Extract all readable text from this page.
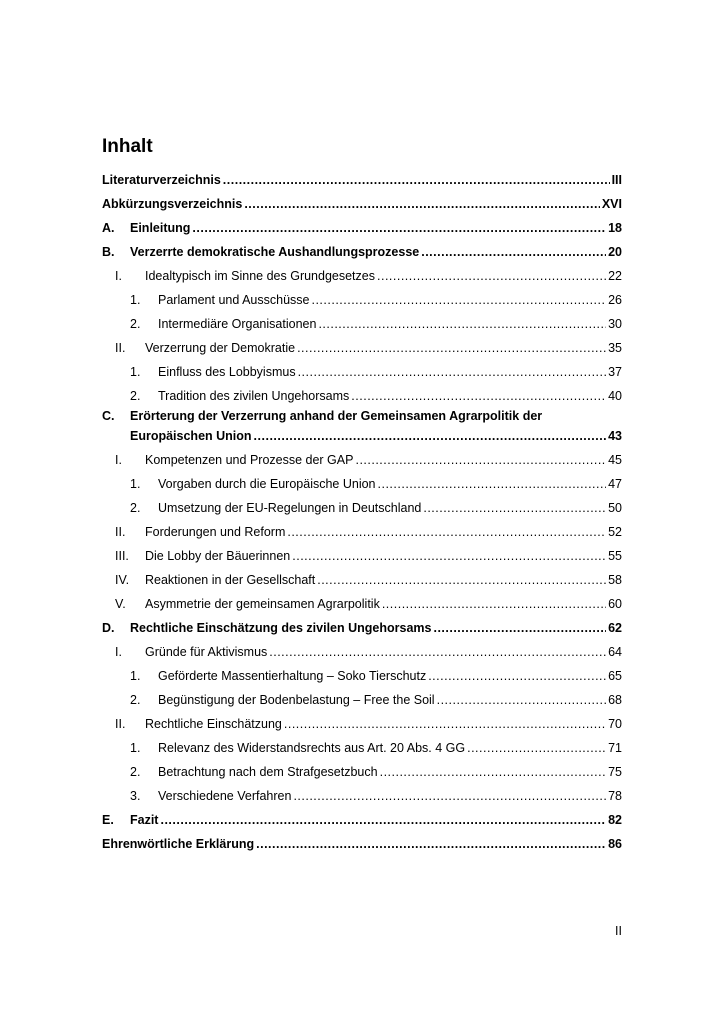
Inhalt
Literaturverzeichnis .....	III
Abkürzungsverzeichnis .....	XVI
A.	Einleitung .....	18
B.	Verzerrte demokratische Aushandlungsprozesse .....	20
I.	Idealtypisch im Sinne des Grundgesetzes .....	22
1.	Parlament und Ausschüsse .....	26
2.	Intermediäre Organisationen .....	30
II.	Verzerrung der Demokratie .....	35
1.	Einfluss des Lobbyismus .....	37
2.	Tradition des zivilen Ungehorsams .....	40
C. Erörterung der Verzerrung anhand der Gemeinsamen Agrarpolitik der
Europäischen Union .....	43
I.	Kompetenzen und Prozesse der GAP .....	45
1.	Vorgaben durch die Europäische Union .....	47
2.	Umsetzung der EU-Regelungen in Deutschland .....	50
II.	Forderungen und Reform .....	52
III.	Die Lobby der Bäuerinnen .....	55
IV.	Reaktionen in der Gesellschaft .....	58
V.	Asymmetrie der gemeinsamen Agrarpolitik .....	60
D.	Rechtliche Einschätzung des zivilen Ungehorsams .....	62
I.	Gründe für Aktivismus .....	64
1.	Geförderte Massentierhaltung – Soko Tierschutz .....	65
2.	Begünstigung der Bodenbelastung – Free the Soil .....	68
II.	Rechtliche Einschätzung .....	70
1.	Relevanz des Widerstandsrechts aus Art. 20 Abs. 4 GG .....	71
2.	Betrachtung nach dem Strafgesetzbuch .....	75
3.	Verschiedene Verfahren .....	78
E.	Fazit .....	82
Ehrenwörtliche Erklärung .....	86
II
